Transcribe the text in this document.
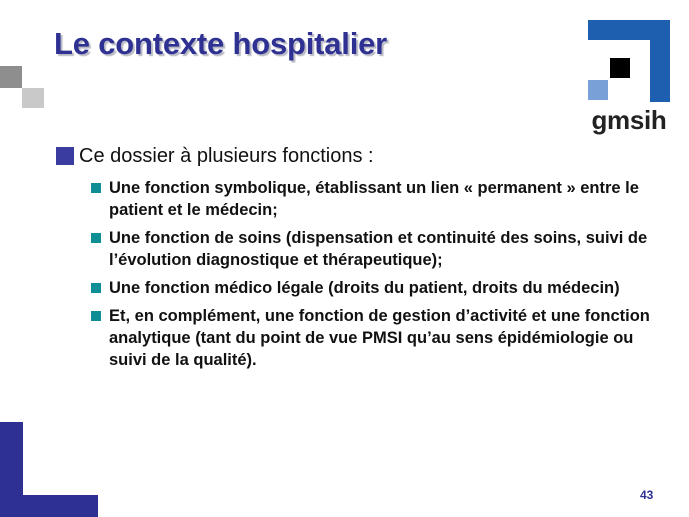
Le contexte hospitalier
gmsih
Ce dossier à plusieurs fonctions :
Une fonction symbolique, établissant un lien « permanent » entre le patient et le médecin;
Une fonction de soins (dispensation et continuité des soins, suivi de l’évolution diagnostique et thérapeutique);
Une fonction médico légale (droits du patient, droits du médecin)
Et, en complément, une fonction de gestion d’activité et une fonction analytique (tant du point de vue PMSI qu’au sens épidémiologie ou suivi de la qualité).
43
